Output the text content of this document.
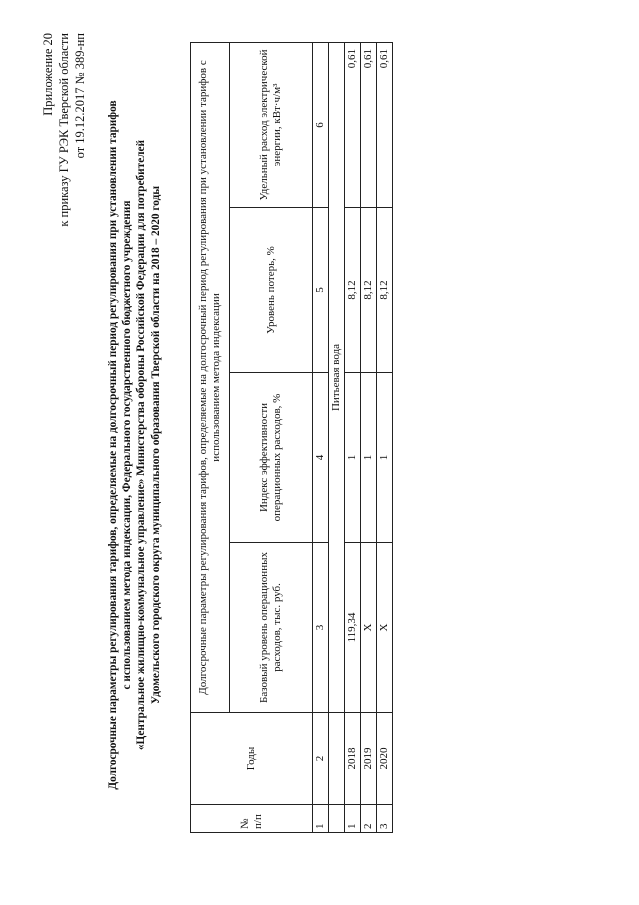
Приложение 20 к приказу ГУ РЭК Тверской области от 19.12.2017 № 389-нп
Долгосрочные параметры регулирования тарифов, определяемые на долгосрочный период регулирования при установлении тарифов с использованием метода индексации, Федерального государственного бюджетного учреждения «Центральное жилищно-коммунальное управление» Министерства обороны Российской Федерации для потребителей Удомельского городского округа муниципального образования Тверской области на 2018 – 2020 годы
№ п/п	Годы	Долгосрочные параметры регулирования тарифов, определяемые на долгосрочный период регулирования при установлении тарифов с использованием метода индексации			
		Базовый уровень операционных расходов, тыс. руб.	Индекс эффективности операционных расходов, %	Уровень потерь, %	Удельный расход электрической энергии, кВт·ч/м³
1	2	3	4	5	6
		Питьевая вода			
1	2018	119,34	1	8,12	0,61
2	2019	X	1	8,12	0,61
3	2020	X	1	8,12	0,61
